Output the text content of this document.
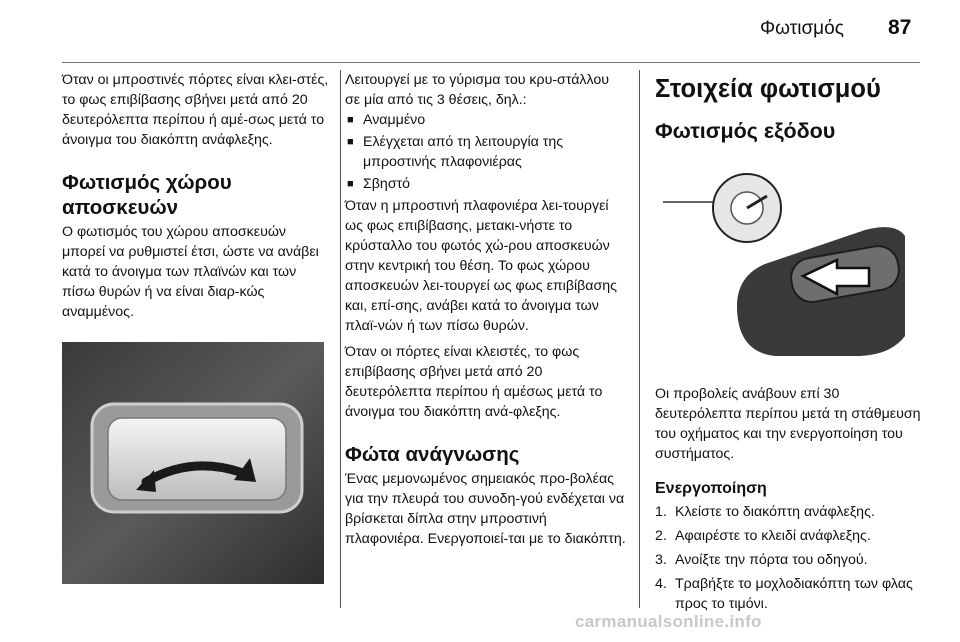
Φωτισμός 87

Όταν οι μπροστινές πόρτες είναι κλει-στές, το φως επιβίβασης σβήνει μετά από 20 δευτερόλεπτα περίπου ή αμέ-σως μετά το άνοιγμα του διακόπτη ανάφλεξης.

Φωτισμός χώρου αποσκευών

Ο φωτισμός του χώρου αποσκευών μπορεί να ρυθμιστεί έτσι, ώστε να ανάβει κατά το άνοιγμα των πλαϊνών και των πίσω θυρών ή να είναι διαρ-κώς αναμμένος.

Λειτουργεί με το γύρισμα του κρυ-στάλλου σε μία από τις 3 θέσεις, δηλ.:

■ Αναμμένο
■ Ελέγχεται από τη λειτουργία της μπροστινής πλαφονιέρας
■ Σβηστό

Όταν η μπροστινή πλαφονιέρα λει-τουργεί ως φως επιβίβασης, μετακι-νήστε το κρύσταλλο του φωτός χώ-ρου αποσκευών στην κεντρική του θέση. Το φως χώρου αποσκευών λει-τουργεί ως φως επιβίβασης και, επί-σης, ανάβει κατά το άνοιγμα των πλαϊ-νών ή των πίσω θυρών.

Όταν οι πόρτες είναι κλειστές, το φως επιβίβασης σβήνει μετά από 20 δευτερόλεπτα περίπου ή αμέσως μετά το άνοιγμα του διακόπτη ανά-φλεξης.

Φώτα ανάγνωσης

Ένας μεμονωμένος σημειακός προ-βολέας για την πλευρά του συνοδη-γού ενδέχεται να βρίσκεται δίπλα στην μπροστινή πλαφονιέρα. Ενεργοποιεί-ται με το διακόπτη.

Στοιχεία φωτισμού
Φωτισμός εξόδου

Οι προβολείς ανάβουν επί 30 δευτερόλεπτα περίπου μετά τη στάθμευση του οχήματος και την ενεργοποίηση του συστήματος.

Ενεργοποίηση
1. Κλείστε το διακόπτη ανάφλεξης.
2. Αφαιρέστε το κλειδί ανάφλεξης.
3. Ανοίξτε την πόρτα του οδηγού.
4. Τραβήξτε το μοχλοδιακόπτη των φλας προς το τιμόνι.
carmanualsonline.info
